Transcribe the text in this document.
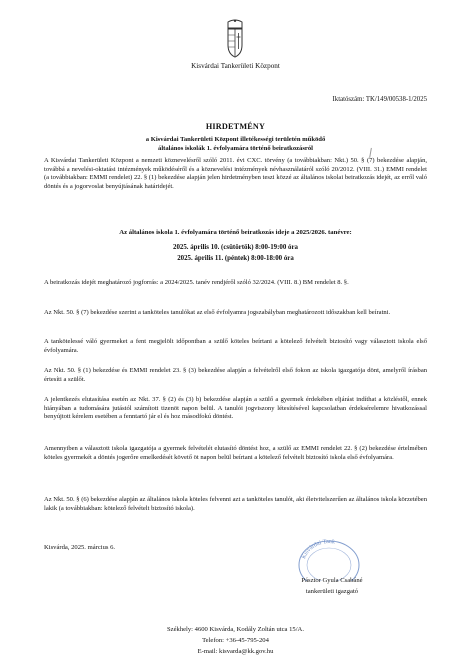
Kisvárdai Tankerületi Központ
Iktatószám: TK/149/00538-1/2025
HIRDETMÉNY
a Kisvárdai Tankerületi Központ illetékességi területén működő
általános iskolák 1. évfolyamára történő beiratkozásról
A Kisvárdai Tankerületi Központ a nemzeti köznevelésről szóló 2011. évi CXC. törvény (a továbbiakban: Nkt.) 50. § (7) bekezdése alapján, továbbá a nevelési-oktatási intézmények működéséről és a köznevelési intézmények névhasználatáról szóló 20/2012. (VIII. 31.) EMMI rendelet (a továbbiakban: EMMI rendelet) 22. § (1) bekezdése alapján jelen hirdetményben teszi közzé az általános iskolai beiratkozás idejét, az erről való döntés és a jogorvoslat benyújtásának határidejét.
Az általános iskola 1. évfolyamára történő beiratkozás ideje a 2025/2026. tanévre:
2025. április 10. (csütörtök) 8:00-19:00 óra
2025. április 11. (péntek) 8:00-18:00 óra
A beiratkozás idejét meghatározó jogforrás: a 2024/2025. tanév rendjéről szóló 32/2024. (VIII. 8.) BM rendelet 8. §.
Az Nkt. 50. § (7) bekezdése szerint a tanköteles tanulókat az első évfolyamra jogszabályban meghatározott időszakban kell beíratni.
A tankötelessé váló gyermeket a fent megjelölt időpontban a szülő köteles beírtani a kötelező felvételt biztosító vagy választott iskola első évfolyamára.
Az Nkt. 50. § (1) bekezdése és EMMI rendelet 23. § (3) bekezdése alapján a felvételről első fokon az iskola igazgatója dönt, amelyről írásban értesíti a szülőt.
A jelentkezés elutasítása esetén az Nkt. 37. § (2) és (3) b) bekezdése alapján a szülő a gyermek érdekében eljárást indíthat a közléstől, ennek hiányában a tudomására jutástól számított tizenöt napon belül. A tanulói jogviszony létesítésével kapcsolatban érdeksérelemre hivatkozással benyújtott kérelem esetében a fenntartó jár el és hoz másodfokú döntést.
Amennyiben a választott iskola igazgatója a gyermek felvételét elutasító döntést hoz, a szülő az EMMI rendelet 22. § (2) bekezdése értelmében köteles gyermekét a döntés jogerőre emelkedését követő öt napon belül beírtani a kötelező felvételt biztosító iskola első évfolyamára.
Az Nkt. 50. § (6) bekezdése alapján az általános iskola köteles felvenni azt a tanköteles tanulót, aki életvitelszerűen az általános iskola körzetében lakik (a továbbiakban: kötelező felvételt biztosító iskola).
Kisvárda, 2025. március 6.
Kisvárdai Tank
Pásztor Gyula Csabáné
tankerületi igazgató
Székhely: 4600 Kisvárda, Kodály Zoltán utca 15/A.
Telefon: +36-45-795-204
E-mail: kisvarda@kk.gov.hu
